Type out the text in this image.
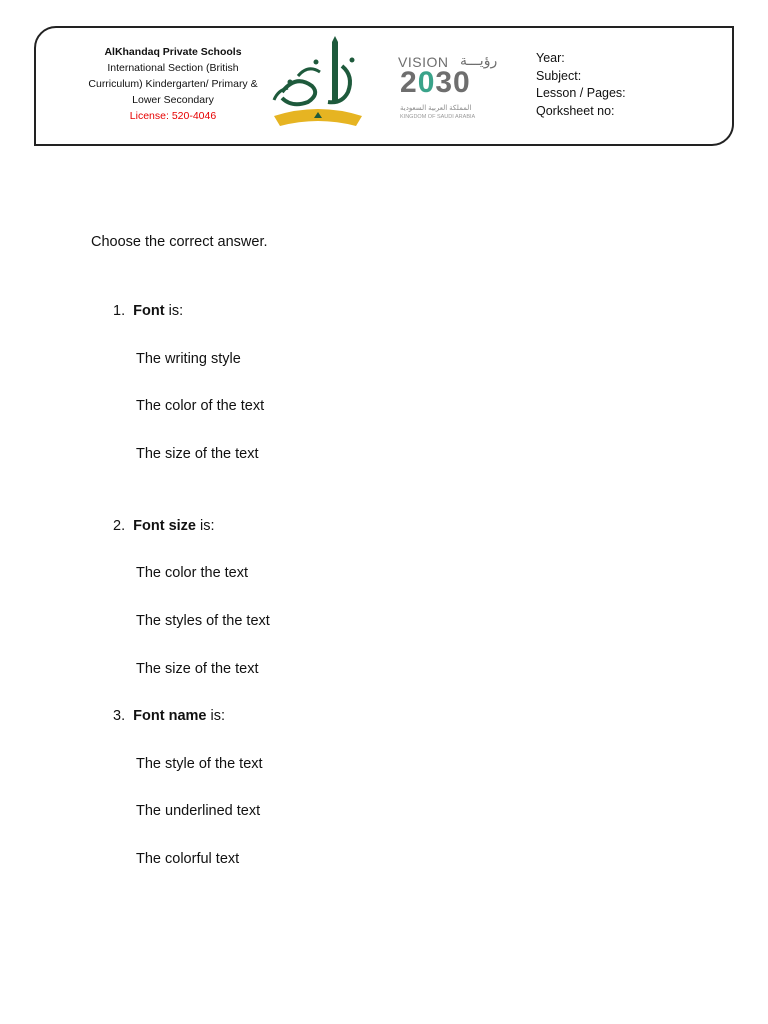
AlKhandaq Private Schools
International Section (British
Curriculum) Kindergarten/ Primary &
Lower Secondary
License: 520-4046
VISION رؤيـــة
2030
المملكة العربية السعودية
KINGDOM OF SAUDI ARABIA
Year:
Subject:
Lesson / Pages:
Qorksheet no:
Choose the correct answer.
1. Font is:
The writing style
The color of the text
The size of the text
2. Font size is:
The color the text
The styles of the text
The size of the text
3. Font name is:
The style of the text
The underlined text
The colorful text
